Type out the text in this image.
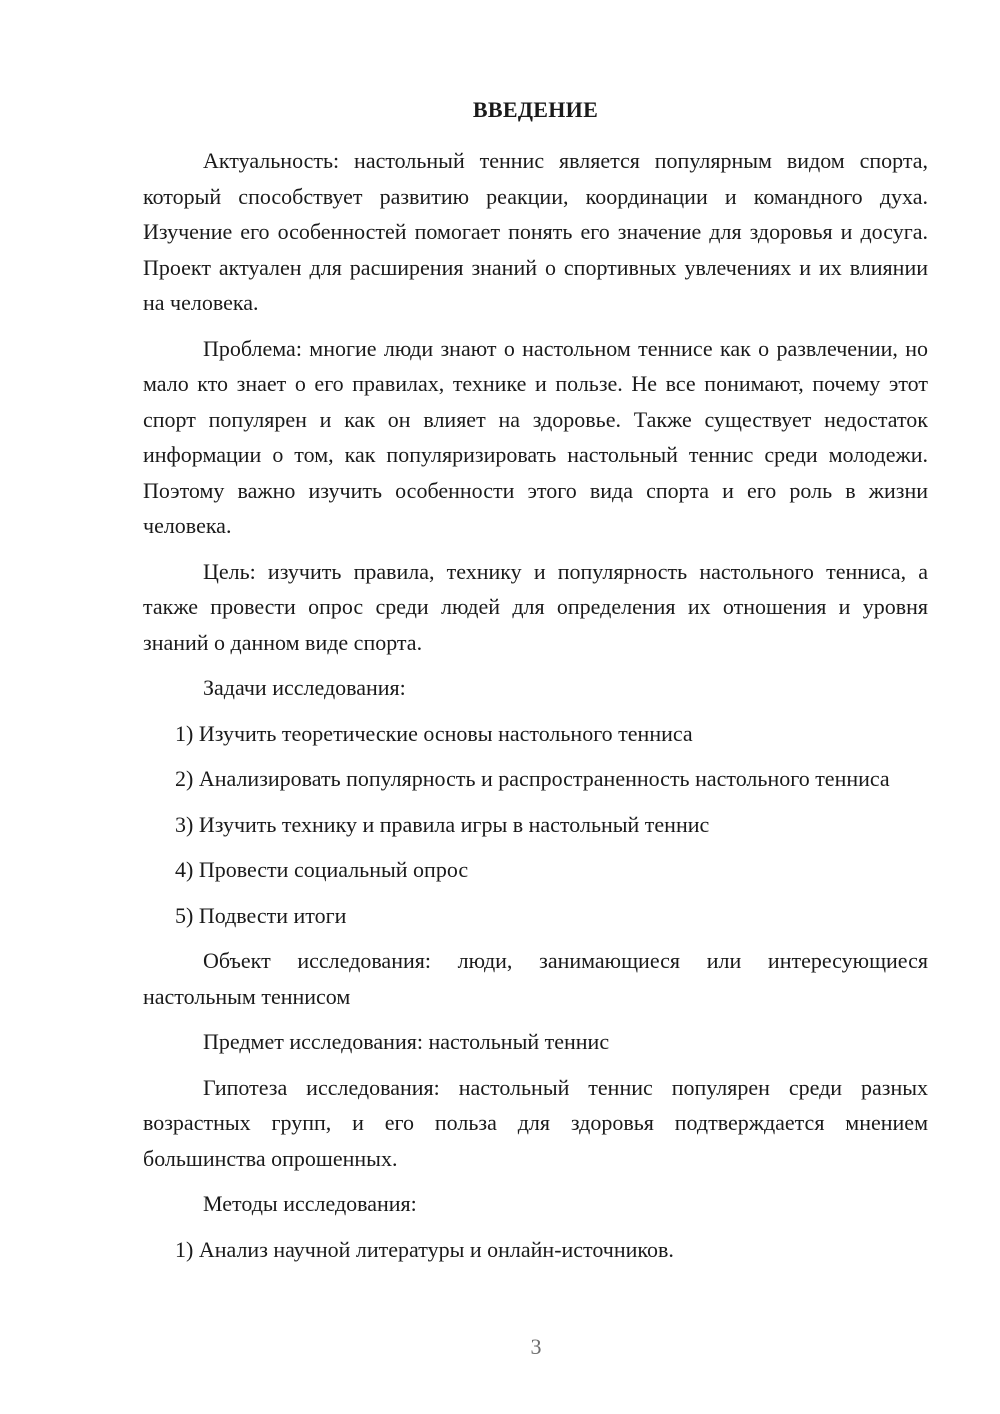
ВВЕДЕНИЕ

Актуальность: настольный теннис является популярным видом спорта, который способствует развитию реакции, координации и командного духа. Изучение его особенностей помогает понять его значение для здоровья и досуга. Проект актуален для расширения знаний о спортивных увлечениях и их влиянии на человека.

Проблема: многие люди знают о настольном теннисе как о развлечении, но мало кто знает о его правилах, технике и пользе. Не все понимают, почему этот спорт популярен и как он влияет на здоровье. Также существует недостаток информации о том, как популяризировать настольный теннис среди молодежи. Поэтому важно изучить особенности этого вида спорта и его роль в жизни человека.

Цель: изучить правила, технику и популярность настольного тенниса, а также провести опрос среди людей для определения их отношения и уровня знаний о данном виде спорта.

Задачи исследования:

1) Изучить теоретические основы настольного тенниса

2) Анализировать популярность и распространенность настольного тенниса

3) Изучить технику и правила игры в настольный теннис

4) Провести социальный опрос

5) Подвести итоги

Объект исследования: люди, занимающиеся или интересующиеся настольным теннисом

Предмет исследования: настольный теннис

Гипотеза исследования: настольный теннис популярен среди разных возрастных групп, и его польза для здоровья подтверждается мнением большинства опрошенных.

Методы исследования:

1) Анализ научной литературы и онлайн-источников.

3
